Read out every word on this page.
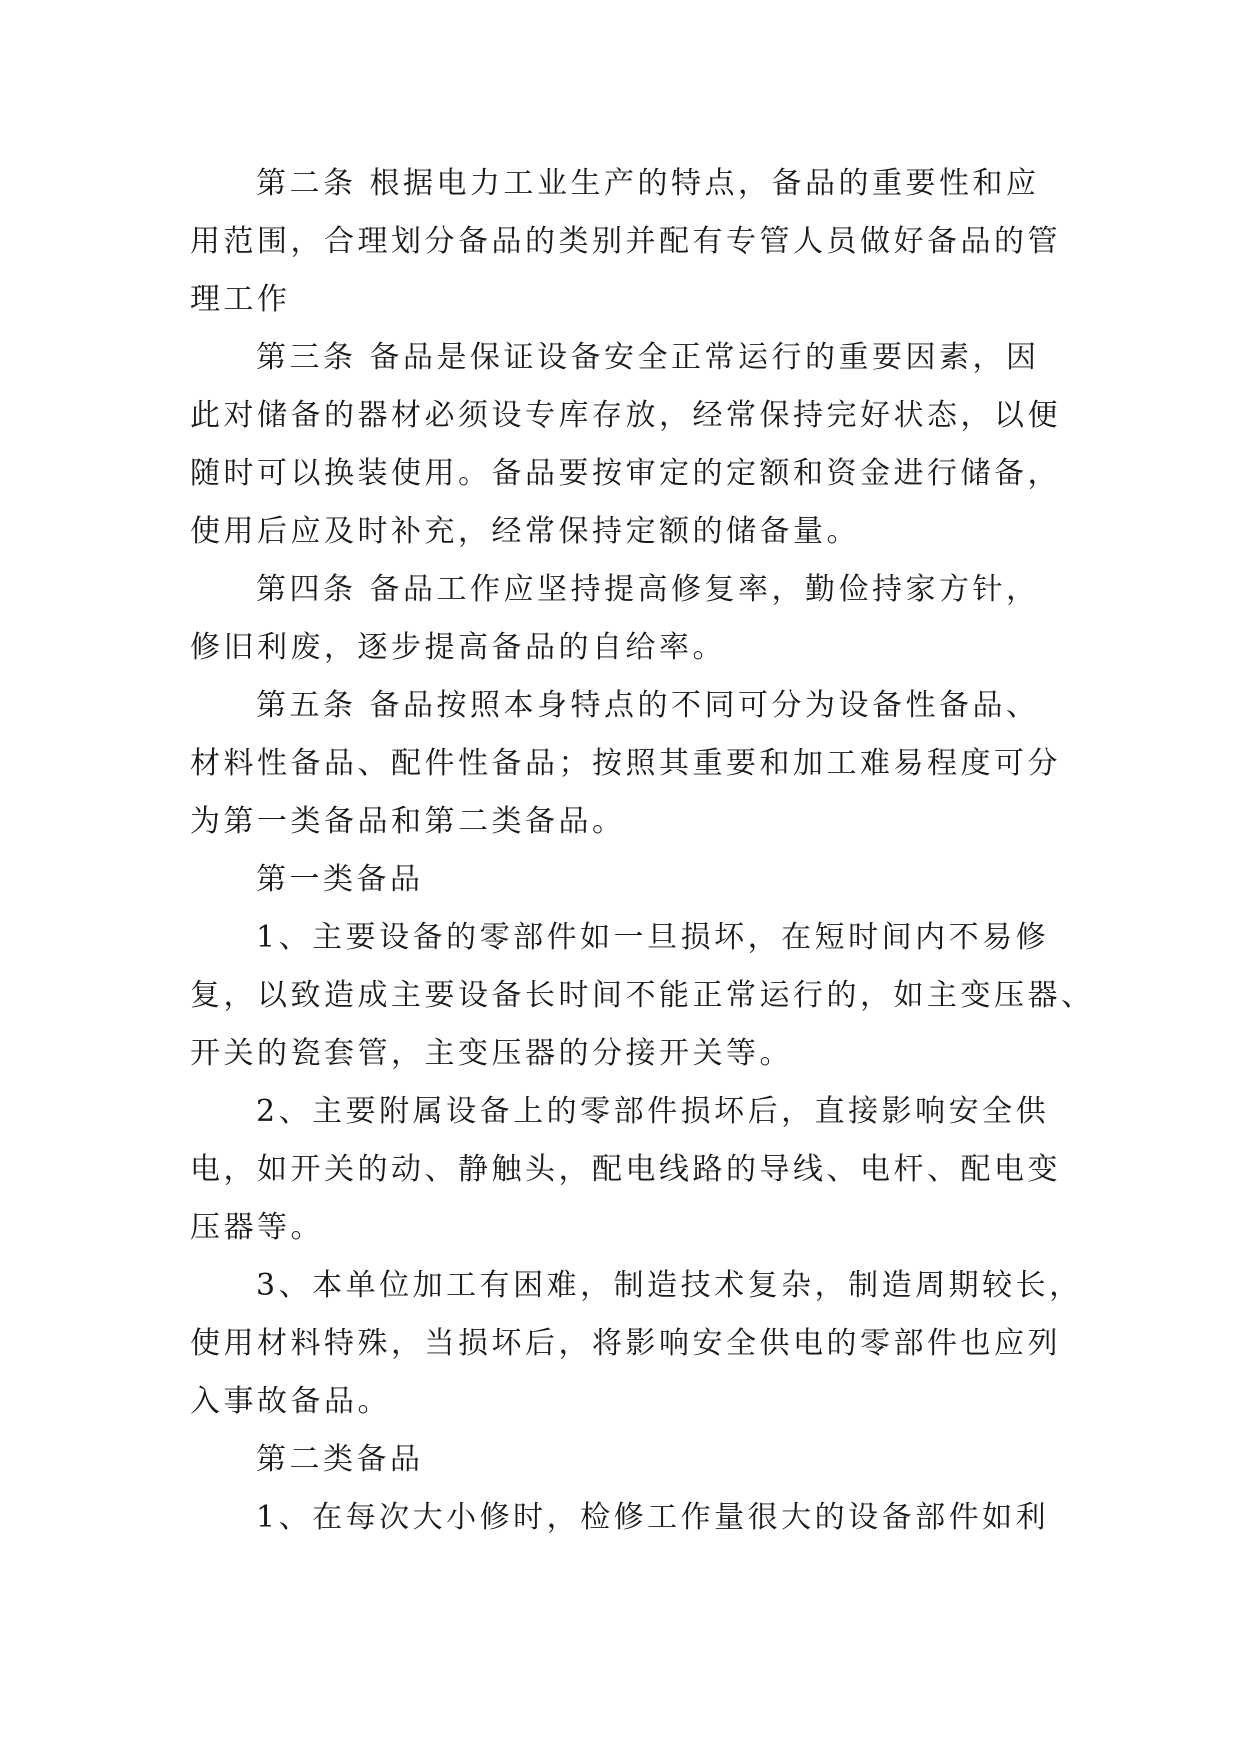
第二条 根据电力工业生产的特点，备品的重要性和应
用范围，合理划分备品的类别并配有专管人员做好备品的管
理工作
第三条 备品是保证设备安全正常运行的重要因素，因
此对储备的器材必须设专库存放，经常保持完好状态，以便
随时可以换装使用。备品要按审定的定额和资金进行储备，
使用后应及时补充，经常保持定额的储备量。
第四条 备品工作应坚持提高修复率，勤俭持家方针，
修旧利废，逐步提高备品的自给率。
第五条 备品按照本身特点的不同可分为设备性备品、
材料性备品、配件性备品；按照其重要和加工难易程度可分
为第一类备品和第二类备品。
第一类备品
1、主要设备的零部件如一旦损坏，在短时间内不易修
复，以致造成主要设备长时间不能正常运行的，如主变压器、
开关的瓷套管，主变压器的分接开关等。
2、主要附属设备上的零部件损坏后，直接影响安全供
电，如开关的动、静触头，配电线路的导线、电杆、配电变
压器等。
3、本单位加工有困难，制造技术复杂，制造周期较长，
使用材料特殊，当损坏后，将影响安全供电的零部件也应列
入事故备品。
第二类备品
1、在每次大小修时，检修工作量很大的设备部件如利
